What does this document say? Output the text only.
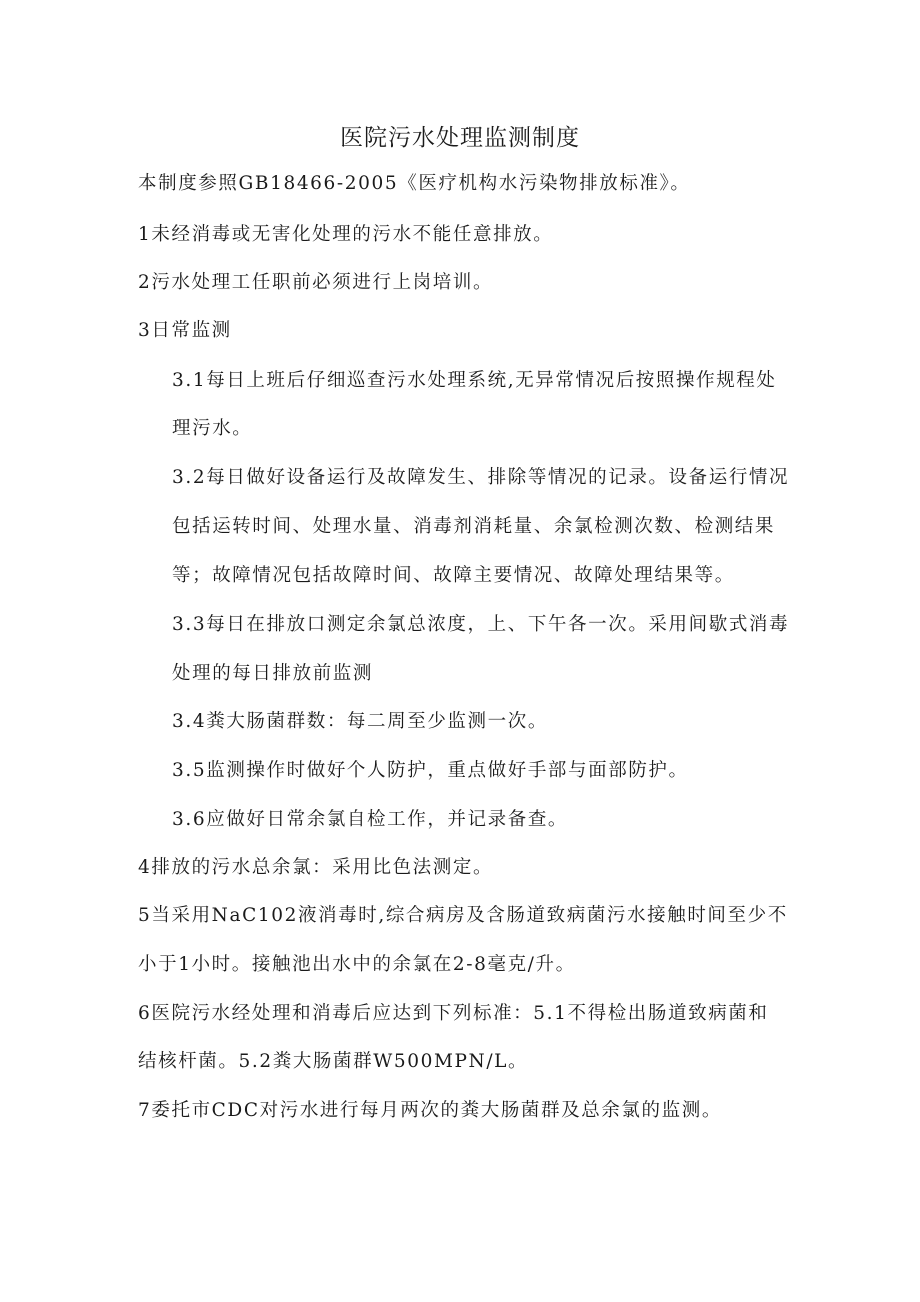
医院污水处理监测制度
本制度参照GB18466-2005《医疗机构水污染物排放标准》。
1未经消毒或无害化处理的污水不能任意排放。
2污水处理工任职前必须进行上岗培训。
3日常监测
3.1每日上班后仔细巡查污水处理系统,无异常情况后按照操作规程处
理污水。
3.2每日做好设备运行及故障发生、排除等情况的记录。设备运行情况
包括运转时间、处理水量、消毒剂消耗量、余氯检测次数、检测结果
等；故障情况包括故障时间、故障主要情况、故障处理结果等。
3.3每日在排放口测定余氯总浓度，上、下午各一次。采用间歇式消毒
处理的每日排放前监测
3.4粪大肠菌群数：每二周至少监测一次。
3.5监测操作时做好个人防护，重点做好手部与面部防护。
3.6应做好日常余氯自检工作，并记录备查。
4排放的污水总余氯：采用比色法测定。
5当采用NaC102液消毒时,综合病房及含肠道致病菌污水接触时间至少不
小于1小时。接触池出水中的余氯在2-8毫克/升。
6医院污水经处理和消毒后应达到下列标准：5.1不得检出肠道致病菌和
结核杆菌。5.2粪大肠菌群W500MPN/L。
7委托市CDC对污水进行每月两次的粪大肠菌群及总余氯的监测。
